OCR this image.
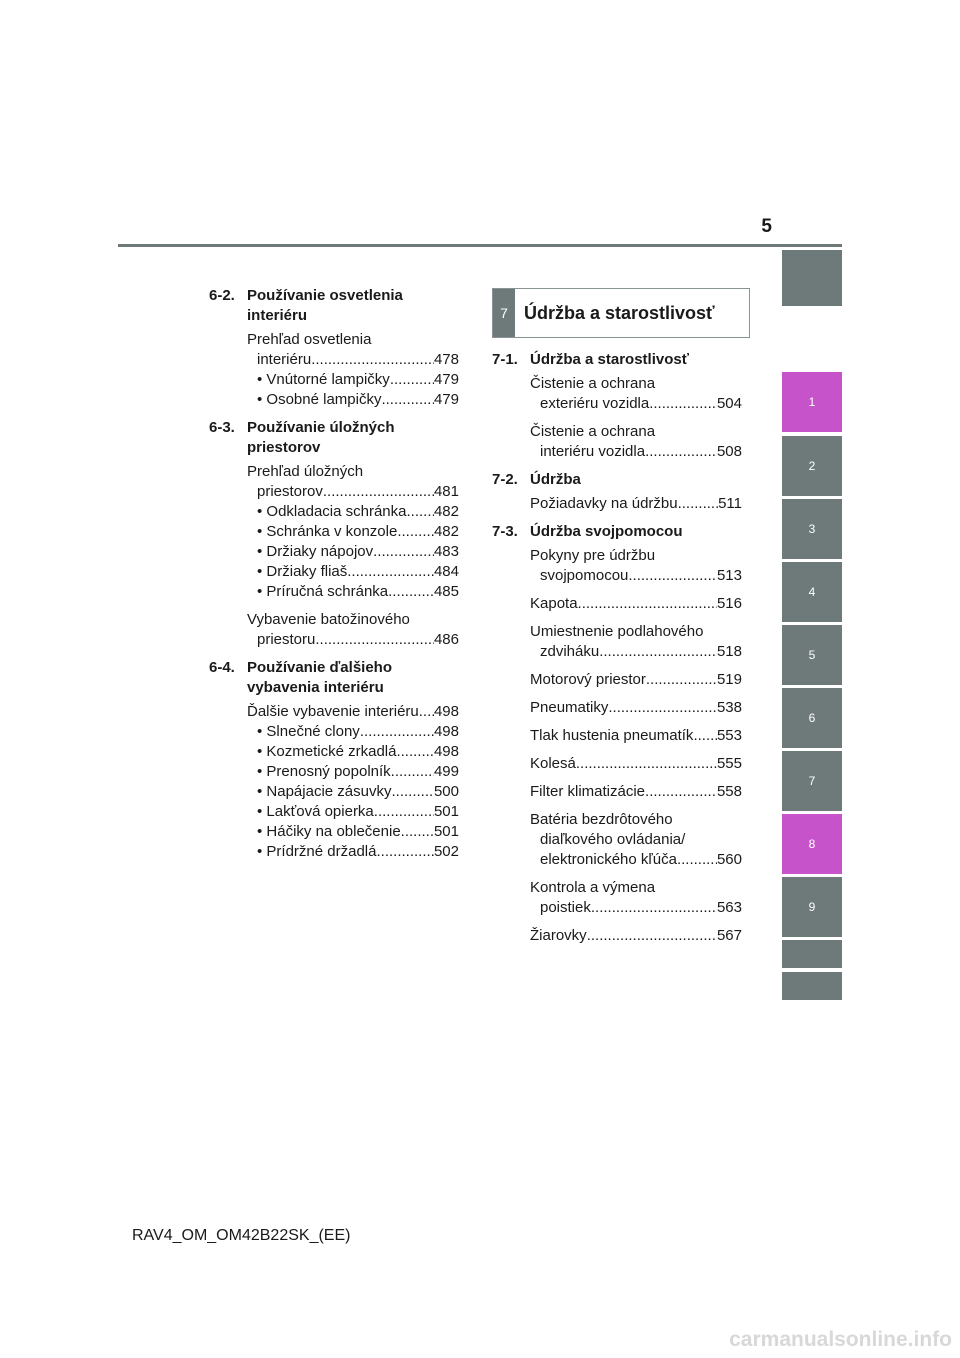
5
1
2
3
4
5
6
7
8
9
7 Údržba a starostlivosť
6-2. Používanie osvetlenia interiéru
Prehľad osvetlenia
interiéru .....	478
• Vnútorné lampičky .....	479
• Osobné lampičky .....	479
6-3. Používanie úložných
priestorov
Prehľad úložných
priestorov .....	481
• Odkladacia schránka ..... 482
• Schránka v konzole ..... 482
• Držiaky nápojov .....	483
• Držiaky fliaš .....	484
• Príručná schránka .....	485
Vybavenie batožinového
priestoru .....	486
6-4. Používanie ďalšieho
vybavenia interiéru
Ďalšie vybavenie interiéru ..... 498
• Slnečné clony .....	498
• Kozmetické zrkadlá .....	498
• Prenosný popolník .....	499
• Napájacie zásuvky .....	500
• Lakťová opierka .....	501
• Háčiky na oblečenie ..... 501
• Prídržné držadlá .....	502
7-1. Údržba a starostlivosť
Čistenie a ochrana
exteriéru vozidla .....	504
Čistenie a ochrana
interiéru vozidla .....	508
7-2. Údržba
Požiadavky na údržbu .....	511
7-3. Údržba svojpomocou
Pokyny pre údržbu
svojpomocou .....	513
Kapota .....	516
Umiestnenie podlahového
zdviháku .....	518
Motorový priestor .....	519
Pneumatiky .....	538
Tlak hustenia pneumatík ..... 553
Kolesá .....	555
Filter klimatizácie .....	558
Batéria bezdrôtového
diaľkového ovládania/
elektronického kľúča .....	560
Kontrola a výmena
poistiek .....	563
Žiarovky .....	567
RAV4_OM_OM42B22SK_(EE)
carmanualsonline.info
